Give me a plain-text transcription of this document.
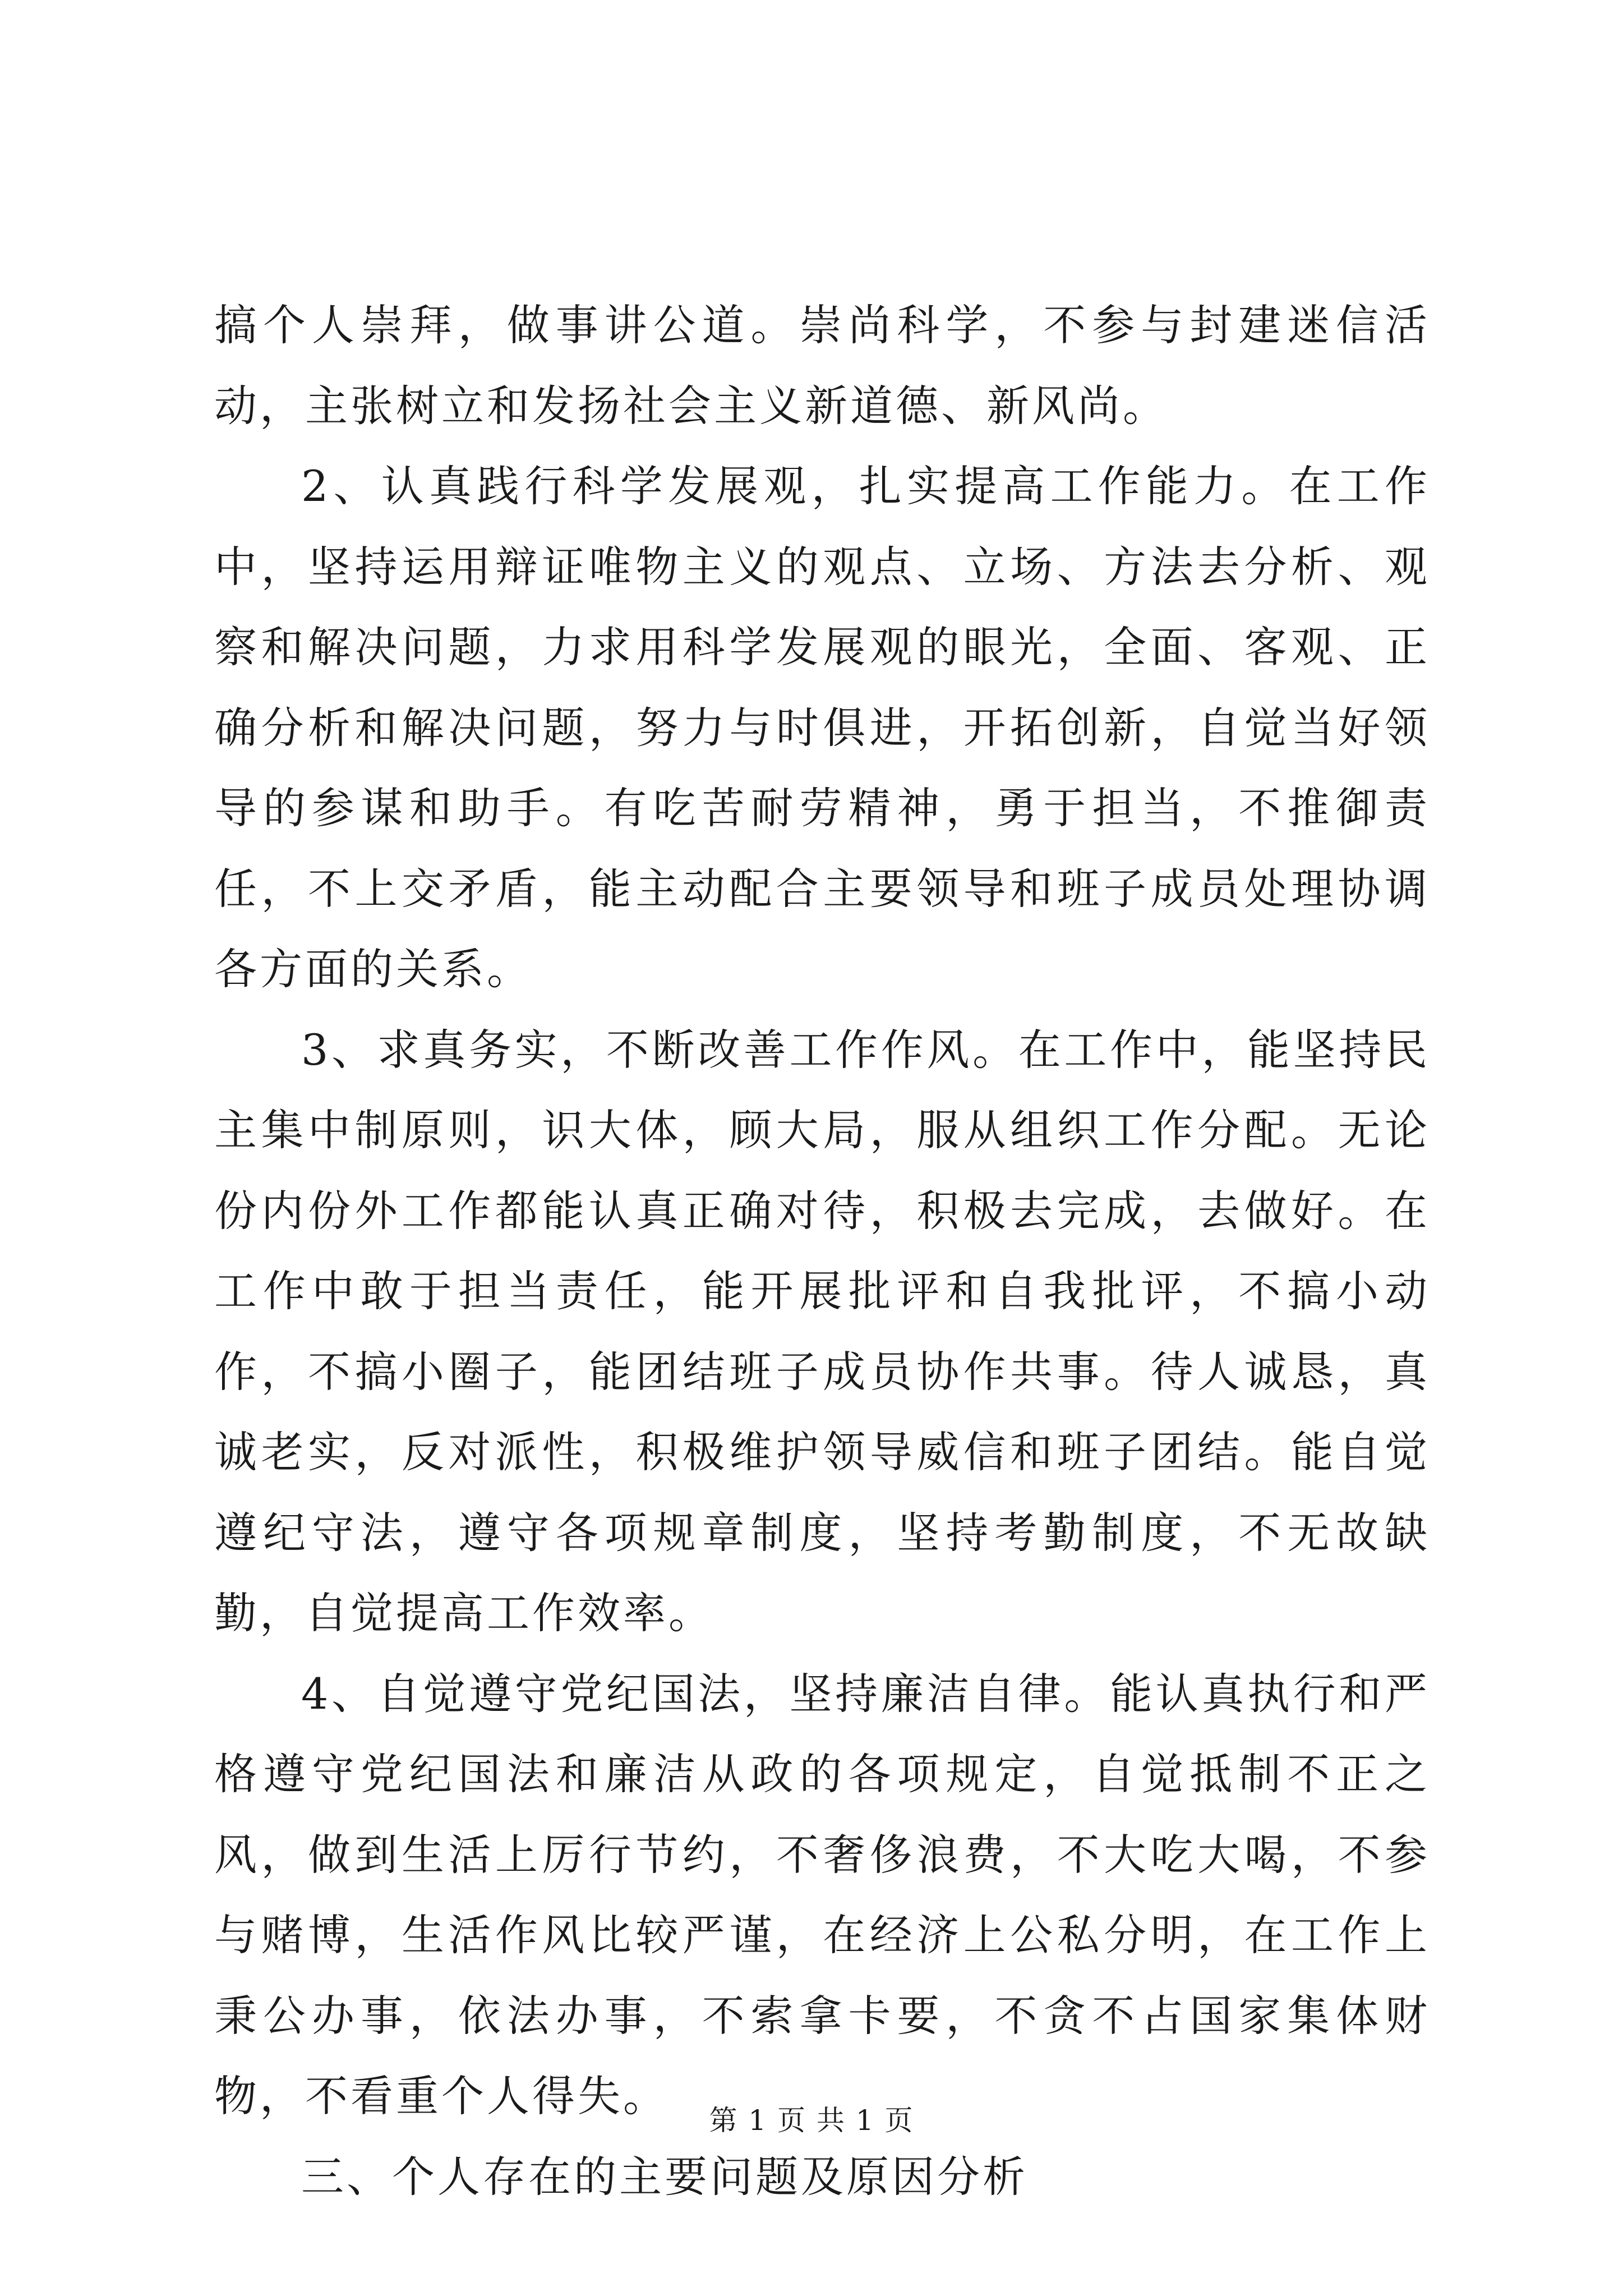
搞个人崇拜，做事讲公道。崇尚科学，不参与封建迷信活动，主张树立和发扬社会主义新道德、新风尚。

2、认真践行科学发展观，扎实提高工作能力。在工作中，坚持运用辩证唯物主义的观点、立场、方法去分析、观察和解决问题，力求用科学发展观的眼光，全面、客观、正确分析和解决问题，努力与时俱进，开拓创新，自觉当好领导的参谋和助手。有吃苦耐劳精神，勇于担当，不推御责任，不上交矛盾，能主动配合主要领导和班子成员处理协调各方面的关系。

3、求真务实，不断改善工作作风。在工作中，能坚持民主集中制原则，识大体，顾大局，服从组织工作分配。无论份内份外工作都能认真正确对待，积极去完成，去做好。在工作中敢于担当责任，能开展批评和自我批评，不搞小动作，不搞小圈子，能团结班子成员协作共事。待人诚恳，真诚老实，反对派性，积极维护领导威信和班子团结。能自觉遵纪守法，遵守各项规章制度，坚持考勤制度，不无故缺勤，自觉提高工作效率。

4、自觉遵守党纪国法，坚持廉洁自律。能认真执行和严格遵守党纪国法和廉洁从政的各项规定，自觉抵制不正之风，做到生活上厉行节约，不奢侈浪费，不大吃大喝，不参与赌博，生活作风比较严谨，在经济上公私分明，在工作上秉公办事，依法办事，不索拿卡要，不贪不占国家集体财物，不看重个人得失。

三、个人存在的主要问题及原因分析

第 1 页 共 1 页
